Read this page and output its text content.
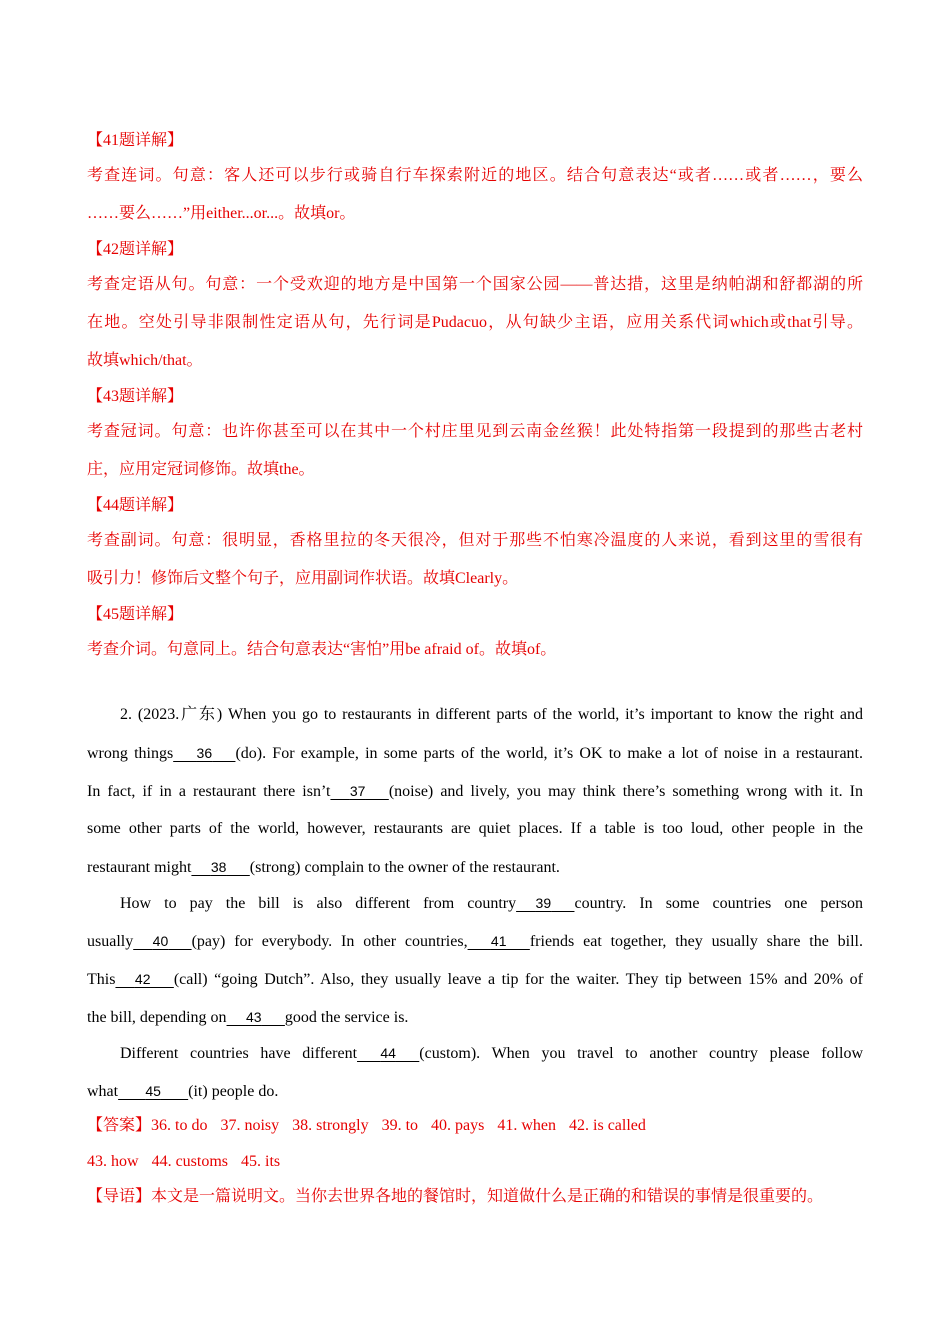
【41题详解】
考查连词。句意：客人还可以步行或骑自行车探索附近的地区。结合句意表达“或者……或者……，要么
……要么……”用either...or...。故填or。
【42题详解】
考查定语从句。句意：一个受欢迎的地方是中国第一个国家公园——普达措，这里是纳帕湖和舒都湖的所
在地。空处引导非限制性定语从句，先行词是Pudacuo，从句缺少主语，应用关系代词which或that引导。
故填which/that。
【43题详解】
考查冠词。句意：也许你甚至可以在其中一个村庄里见到云南金丝猴！此处特指第一段提到的那些古老村
庄，应用定冠词修饰。故填the。
【44题详解】
考查副词。句意：很明显，香格里拉的冬天很冷，但对于那些不怕寒冷温度的人来说，看到这里的雪很有
吸引力！修饰后文整个句子，应用副词作状语。故填Clearly。
【45题详解】
考查介词。句意同上。结合句意表达“害怕”用be afraid of。故填of。
2. (2023.广东) When you go to restaurants in different parts of the world, it’s important to know the right and
wrong things 36 (do). For example, in some parts of the world, it’s OK to make a lot of noise in a restaurant.
In fact, if in a restaurant there isn’t 37 (noise) and lively, you may think there’s something wrong with it. In
some other parts of the world, however, restaurants are quiet places. If a table is too loud, other people in the
restaurant might 38 (strong) complain to the owner of the restaurant.
How to pay the bill is also different from country 39 country. In some countries one person
usually 40 (pay) for everybody. In other countries, 41 friends eat together, they usually share the bill.
This 42 (call) “going Dutch”. Also, they usually leave a tip for the waiter. They tip between 15% and 20% of
the bill, depending on 43 good the service is.
Different countries have different 44 (custom). When you travel to another country please follow
what 45 (it) people do.
【答案】36. to do 37. noisy 38. strongly 39. to 40. pays 41. when 42. is called
43. how 44. customs 45. its
【导语】本文是一篇说明文。当你去世界各地的餐馆时，知道做什么是正确的和错误的事情是很重要的。
